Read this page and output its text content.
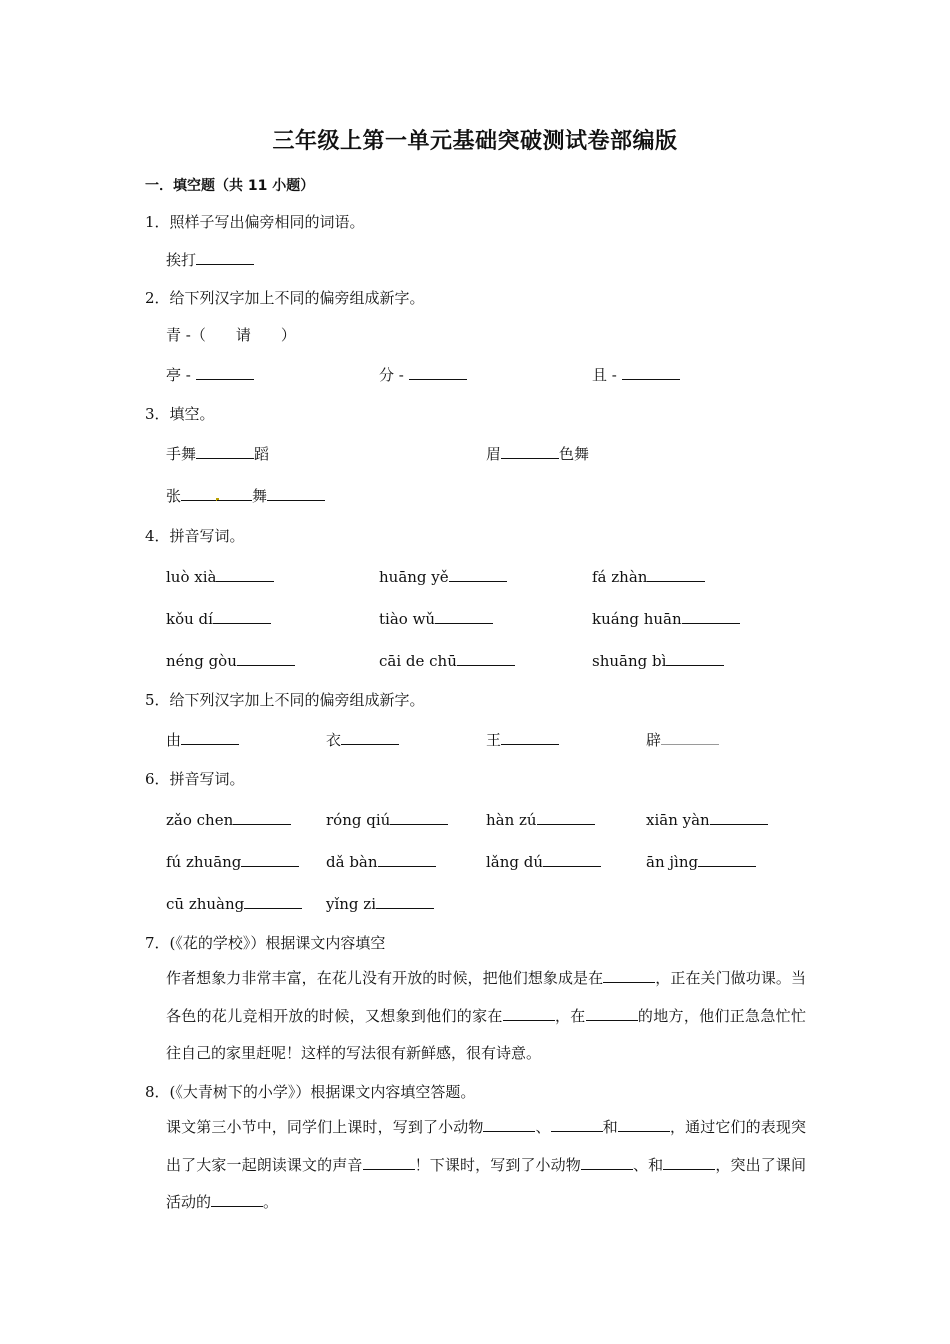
三年级上第一单元基础突破测试卷部编版
一．填空题（共 11 小题）
1．照样子写出偏旁相同的词语。
挨打
2．给下列汉字加上不同的偏旁组成新字。
青 -（　　请　　）
亭 -	分 -	且 -
3．填空。
手舞	蹈	眉	色舞
张	舞
4．拼音写词。
luò xià	huāng yě	fá zhàn
kǒu dí	tiào wǔ	kuáng huān
néng gòu	cāi de chū	shuāng bì
5．给下列汉字加上不同的偏旁组成新字。
由	衣	王	辟
6．拼音写词。
zǎo chen	róng qiú	hàn zú	xiān yàn
fú zhuāng	dǎ bàn	lǎng dú	ān jìng
cū zhuàng	yǐng zi
7．(《花的学校》）根据课文内容填空
作者想象力非常丰富，在花儿没有开放的时候，把他们想象成是在	，正在关门做功课。当各色的花儿竞相开放的时候，又想象到他们的家在	，在	的地方，他们正急急忙忙往自己的家里赶呢！这样的写法很有新鲜感，很有诗意。
8．(《大青树下的小学》）根据课文内容填空答题。
课文第三小节中，同学们上课时，写到了小动物	、	和	，通过它们的表现突出了大家一起朗读课文的声音	！下课时，写到了小动物	、和	，突出了课间活动的	。
